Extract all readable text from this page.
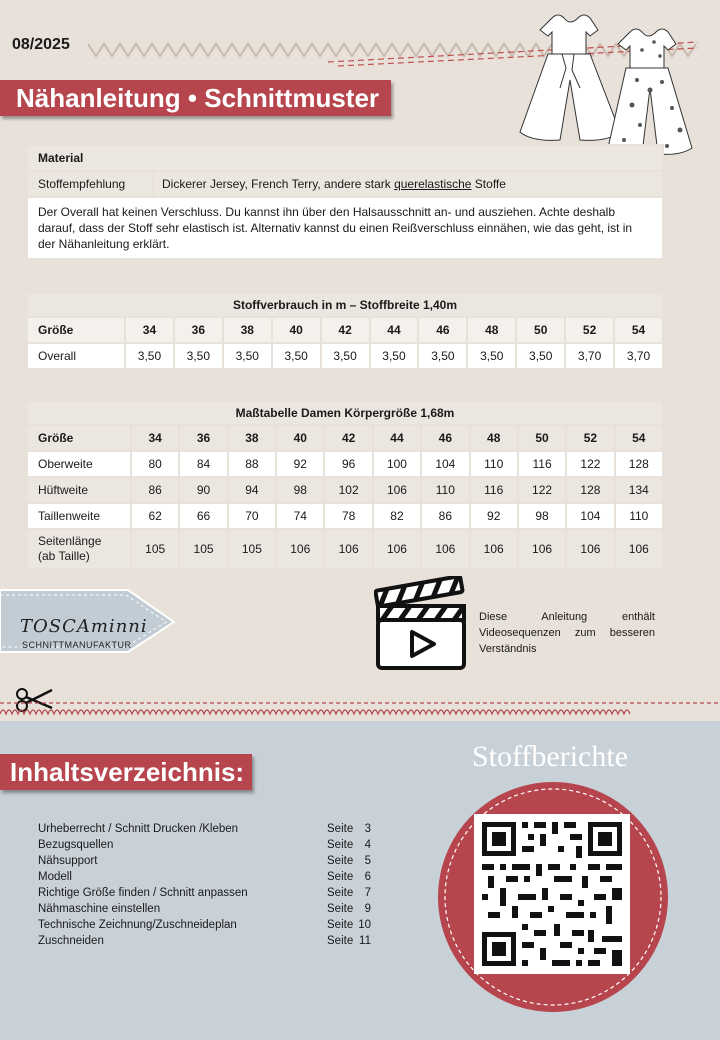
08/2025
Nähanleitung • Schnittmuster
Material
Stoffempfehlung	Dickerer Jersey, French Terry, andere stark querelastische Stoffe
Der Overall hat keinen Verschluss. Du kannst ihn über den Halsausschnitt an- und ausziehen. Achte deshalb darauf, dass der Stoff sehr elastisch ist. Alternativ kannst du einen Reißverschluss einnähen, wie das geht, ist in der Nähanleitung erklärt.
Stoffverbrauch in m – Stoffbreite 1,40m											
Größe	34	36	38	40	42	44	46	48	50	52	54
Overall	3,50	3,50	3,50	3,50	3,50	3,50	3,50	3,50	3,50	3,70	3,70
Maßtabelle Damen Körpergröße 1,68m											
Größe	34	36	38	40	42	44	46	48	50	52	54
Oberweite	80	84	88	92	96	100	104	110	116	122	128
Hüftweite	86	90	94	98	102	106	110	116	122	128	134
Taillenweite	62	66	70	74	78	82	86	92	98	104	110
Seitenlänge
(ab Taille)	105	105	105	106	106	106	106	106	106	106	106
TOSCAminni
SCHNITTMANUFAKTUR
Diese Anleitung enthält Videosequenzen zum besseren Verständnis
Inhaltsverzeichnis:
Urheberrecht / Schnitt Drucken /Kleben	Seite 3
Bezugsquellen	Seite 4
Nähsupport	Seite 5
Modell	Seite 6
Richtige Größe finden / Schnitt anpassen	Seite 7
Nähmaschine einstellen	Seite 9
Technische Zeichnung/Zuschneideplan	Seite 10
Zuschneiden	Seite 11
Stoffberichte
